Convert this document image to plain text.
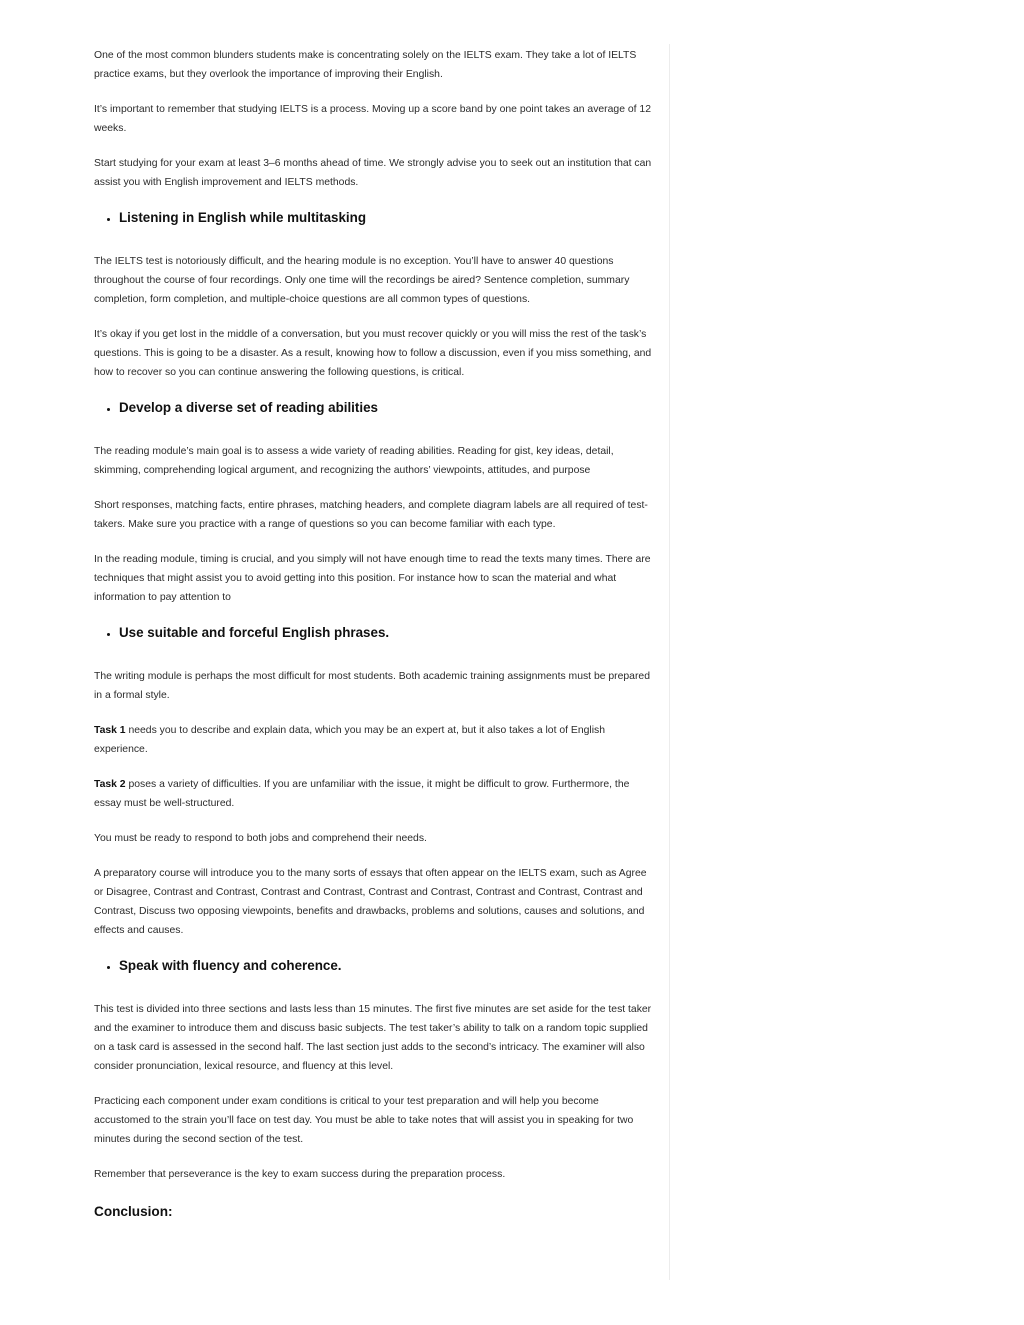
One of the most common blunders students make is concentrating solely on the IELTS exam. They take a lot of IELTS practice exams, but they overlook the importance of improving their English.

It’s important to remember that studying IELTS is a process. Moving up a score band by one point takes an average of 12 weeks.

Start studying for your exam at least 3–6 months ahead of time. We strongly advise you to seek out an institution that can assist you with English improvement and IELTS methods.

• Listening in English while multitasking

The IELTS test is notoriously difficult, and the hearing module is no exception. You’ll have to answer 40 questions throughout the course of four recordings. Only one time will the recordings be aired? Sentence completion, summary completion, form completion, and multiple-choice questions are all common types of questions.

It’s okay if you get lost in the middle of a conversation, but you must recover quickly or you will miss the rest of the task’s questions. This is going to be a disaster. As a result, knowing how to follow a discussion, even if you miss something, and how to recover so you can continue answering the following questions, is critical.

• Develop a diverse set of reading abilities

The reading module’s main goal is to assess a wide variety of reading abilities. Reading for gist, key ideas, detail, skimming, comprehending logical argument, and recognizing the authors’ viewpoints, attitudes, and purpose

Short responses, matching facts, entire phrases, matching headers, and complete diagram labels are all required of test-takers. Make sure you practice with a range of questions so you can become familiar with each type.

In the reading module, timing is crucial, and you simply will not have enough time to read the texts many times. There are techniques that might assist you to avoid getting into this position. For instance how to scan the material and what information to pay attention to

• Use suitable and forceful English phrases.

The writing module is perhaps the most difficult for most students. Both academic training assignments must be prepared in a formal style.

Task 1 needs you to describe and explain data, which you may be an expert at, but it also takes a lot of English experience.

Task 2 poses a variety of difficulties. If you are unfamiliar with the issue, it might be difficult to grow. Furthermore, the essay must be well-structured.

You must be ready to respond to both jobs and comprehend their needs.

A preparatory course will introduce you to the many sorts of essays that often appear on the IELTS exam, such as Agree or Disagree, Contrast and Contrast, Contrast and Contrast, Contrast and Contrast, Contrast and Contrast, Contrast and Contrast, Discuss two opposing viewpoints, benefits and drawbacks, problems and solutions, causes and solutions, and effects and causes.

• Speak with fluency and coherence.

This test is divided into three sections and lasts less than 15 minutes. The first five minutes are set aside for the test taker and the examiner to introduce them and discuss basic subjects. The test taker’s ability to talk on a random topic supplied on a task card is assessed in the second half. The last section just adds to the second’s intricacy. The examiner will also consider pronunciation, lexical resource, and fluency at this level.

Practicing each component under exam conditions is critical to your test preparation and will help you become accustomed to the strain you’ll face on test day. You must be able to take notes that will assist you in speaking for two minutes during the second section of the test.

Remember that perseverance is the key to exam success during the preparation process.

Conclusion:
